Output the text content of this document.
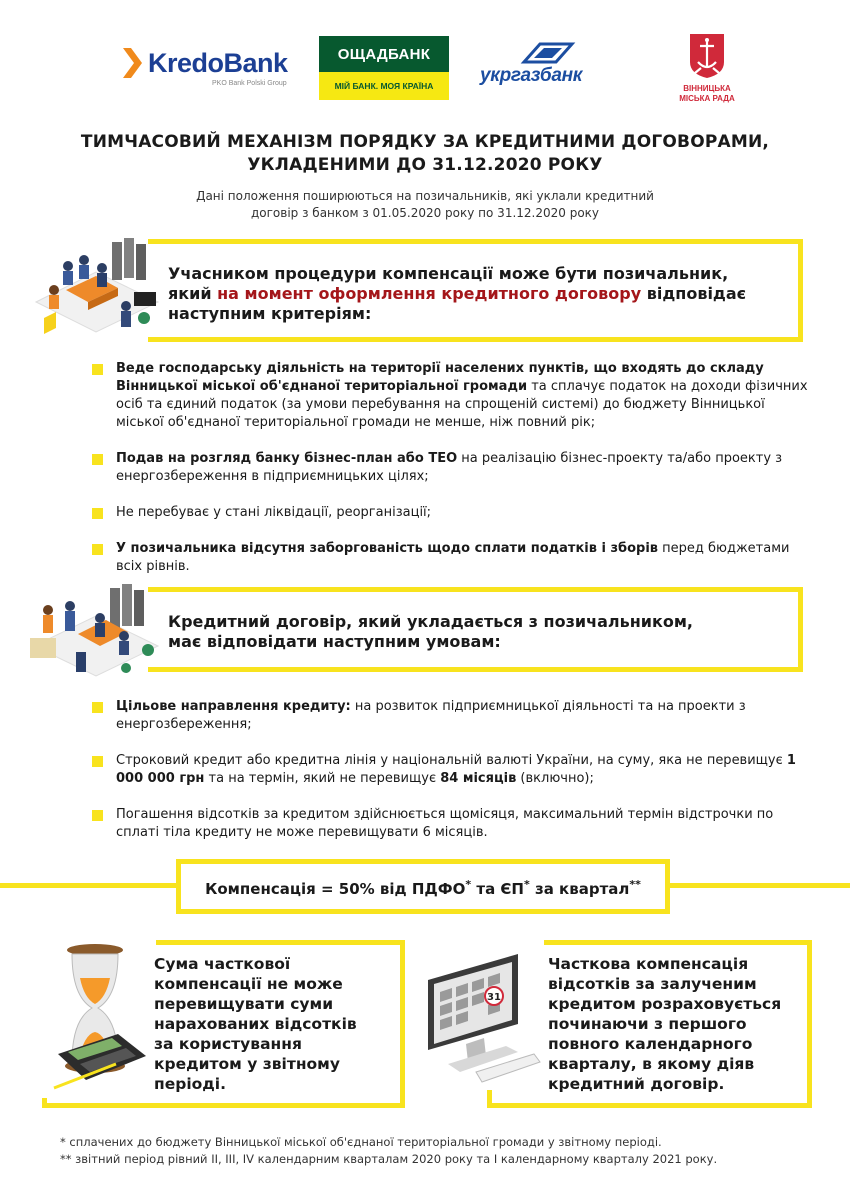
KredoBank
PKO Bank Polski Group
ОЩАДБАНК
МІЙ БАНК. МОЯ КРАЇНА	укргазбанк
ВІННИЦЬКА
МІСЬКА РАДА
ТИМЧАСОВИЙ МЕХАНІЗМ ПОРЯДКУ ЗА КРЕДИТНИМИ ДОГОВОРАМИ,
УКЛАДЕНИМИ ДО 31.12.2020 РОКУ
Дані положення поширюються на позичальників, які уклали кредитний
договір з банком з 01.05.2020 року по 31.12.2020 року
Учасником процедури компенсації може бути позичальник,
який на момент оформлення кредитного договору відповідає
наступним критеріям:
Веде господарську діяльність на території населених пунктів, що входять до складу Вінницької міської об'єднаної територіальної громади та сплачує податок на доходи фізичних осіб та єдиний податок (за умови перебування на спрощеній системі) до бюджету Вінницької міської об'єднаної територіальної громади не менше, ніж повний рік;
Подав на розгляд банку бізнес-план або ТЕО на реалізацію бізнес-проекту та/або проекту з енергозбереження в підприємницьких цілях;
Не перебуває у стані ліквідації, реорганізації;
У позичальника відсутня заборгованість щодо сплати податків і зборів перед бюджетами всіх рівнів.
Кредитний договір, який укладається з позичальником,
має відповідати наступним умовам:
Цільове направлення кредиту: на розвиток підприємницької діяльності та на проекти з енергозбереження;
Строковий кредит або кредитна лінія у національній валюті України, на суму, яка не перевищує 1 000 000 грн та на термін, який не перевищує 84 місяців (включно);
Погашення відсотків за кредитом здійснюється щомісяця, максимальний термін відстрочки по сплаті тіла кредиту не може перевищувати 6 місяців.
Компенсація = 50% від ПДФО* та ЄП* за квартал**
Сума часткової
компенсації не може
перевищувати суми
нарахованих відсотків
за користування
кредитом у звітному
періоді.
31
Часткова компенсація
відсотків за залученим
кредитом розраховується
починаючи з першого
повного календарного
кварталу, в якому діяв
кредитний договір.
* сплачених до бюджету Вінницької міської об'єднаної територіальної громади у звітному періоді.
** звітний період рівний II, III, IV календарним кварталам 2020 року та I календарному кварталу 2021 року.
